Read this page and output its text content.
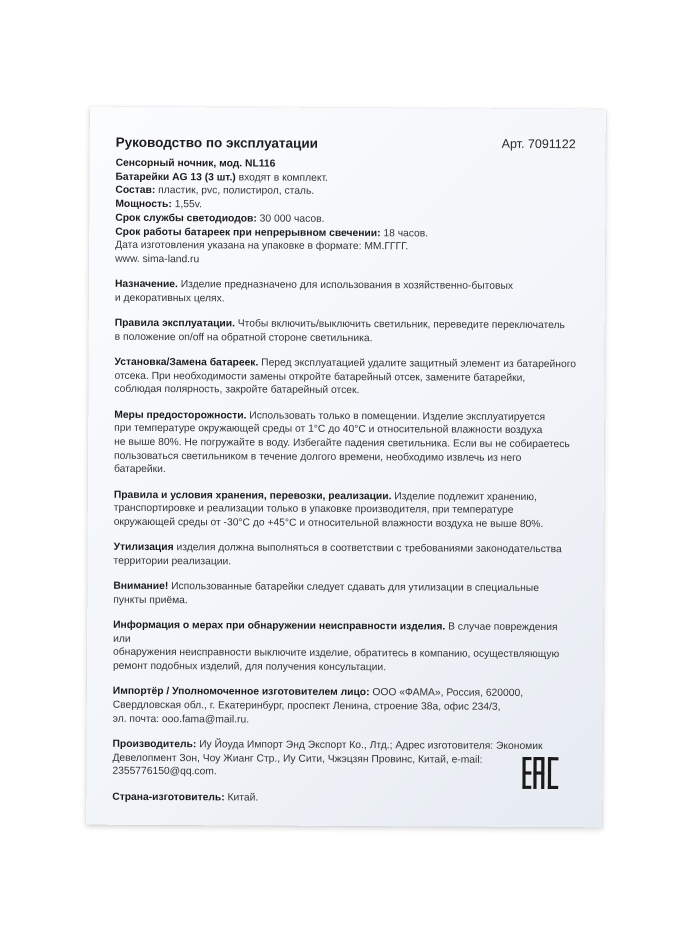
Руководство по эксплуатации	Арт. 7091122

Сенсорный ночник, мод. NL116

Батарейки AG 13 (3 шт.) входят в комплект.

Состав: пластик, pvc, полистирол, сталь.

Мощность: 1,55v.

Срок службы светодиодов: 30 000 часов.

Срок работы батареек при непрерывном свечении: 18 часов.

Дата изготовления указана на упаковке в формате: ММ.ГГГГ.

www. sima-land.ru

Назначение. Изделие предназначено для использования в хозяйственно-бытовых

и декоративных целях.

Правила эксплуатации. Чтобы включить/выключить светильник, переведите переключатель

в положение on/off на обратной стороне светильника.

Установка/Замена батареек. Перед эксплуатацией удалите защитный элемент из батарейного

отсека. При необходимости замены откройте батарейный отсек, замените батарейки,

соблюдая полярность, закройте батарейный отсек.

Меры предосторожности. Использовать только в помещении. Изделие эксплуатируется

при температуре окружающей среды от 1°С до 40°С и относительной влажности воздуха

не выше 80%. Не погружайте в воду. Избегайте падения светильника. Если вы не собираетесь

пользоваться светильником в течение долгого времени, необходимо извлечь из него

батарейки.

Правила и условия хранения, перевозки, реализации. Изделие подлежит хранению,

транспортировке и реализации только в упаковке производителя, при температуре

окружающей среды от -30°С до +45°С и относительной влажности воздуха не выше 80%.

Утилизация изделия должна выполняться в соответствии с требованиями законодательства

территории реализации.

Внимание! Использованные батарейки следует сдавать для утилизации в специальные

пункты приёма.

Информация о мерах при обнаружении неисправности изделия. В случае повреждения или

обнаружения неисправности выключите изделие, обратитесь в компанию, осуществляющую

ремонт подобных изделий, для получения консультации.

Импортёр / Уполномоченное изготовителем лицо: ООО «ФАМА», Россия, 620000,

Свердловская обл., г. Екатеринбург, проспект Ленина, строение 38а, офис 234/3,

эл. почта: ooo.fama@mail.ru.

Производитель: Иу Йоуда Импорт Энд Экспорт Ко., Лтд.; Адрес изготовителя: Экономик

Девелопмент Зон, Чоу Жианг Стр., Иу Сити, Чжэцзян Провинс, Китай, e-mail:

2355776150@qq.com.

Страна-изготовитель: Китай.
